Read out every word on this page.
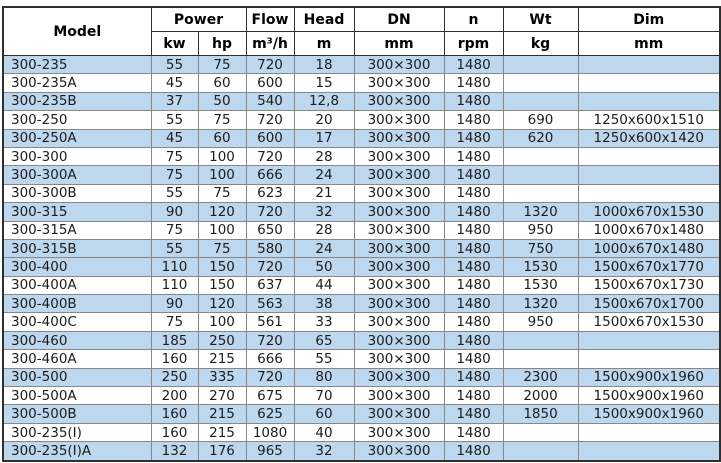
Model	Power		Flow	Head	DN	n	Wt	Dim
	kw	hp	m³/h	m	mm	rpm	kg	mm
300-235	55	75	720	18	300×300	1480		
300-235A	45	60	600	15	300×300	1480		
300-235B	37	50	540	12,8	300×300	1480		
300-250	55	75	720	20	300×300	1480	690	1250x600x1510
300-250A	45	60	600	17	300×300	1480	620	1250x600x1420
300-300	75	100	720	28	300×300	1480		
300-300A	75	100	666	24	300×300	1480		
300-300B	55	75	623	21	300×300	1480		
300-315	90	120	720	32	300×300	1480	1320	1000x670x1530
300-315A	75	100	650	28	300×300	1480	950	1000x670x1480
300-315B	55	75	580	24	300×300	1480	750	1000x670x1480
300-400	110	150	720	50	300×300	1480	1530	1500x670x1770
300-400A	110	150	637	44	300×300	1480	1530	1500x670x1730
300-400B	90	120	563	38	300×300	1480	1320	1500x670x1700
300-400C	75	100	561	33	300×300	1480	950	1500x670x1530
300-460	185	250	720	65	300×300	1480		
300-460A	160	215	666	55	300×300	1480		
300-500	250	335	720	80	300×300	1480	2300	1500x900x1960
300-500A	200	270	675	70	300×300	1480	2000	1500x900x1960
300-500B	160	215	625	60	300×300	1480	1850	1500x900x1960
300-235(I)	160	215	1080	40	300×300	1480		
300-235(I)A	132	176	965	32	300×300	1480		
